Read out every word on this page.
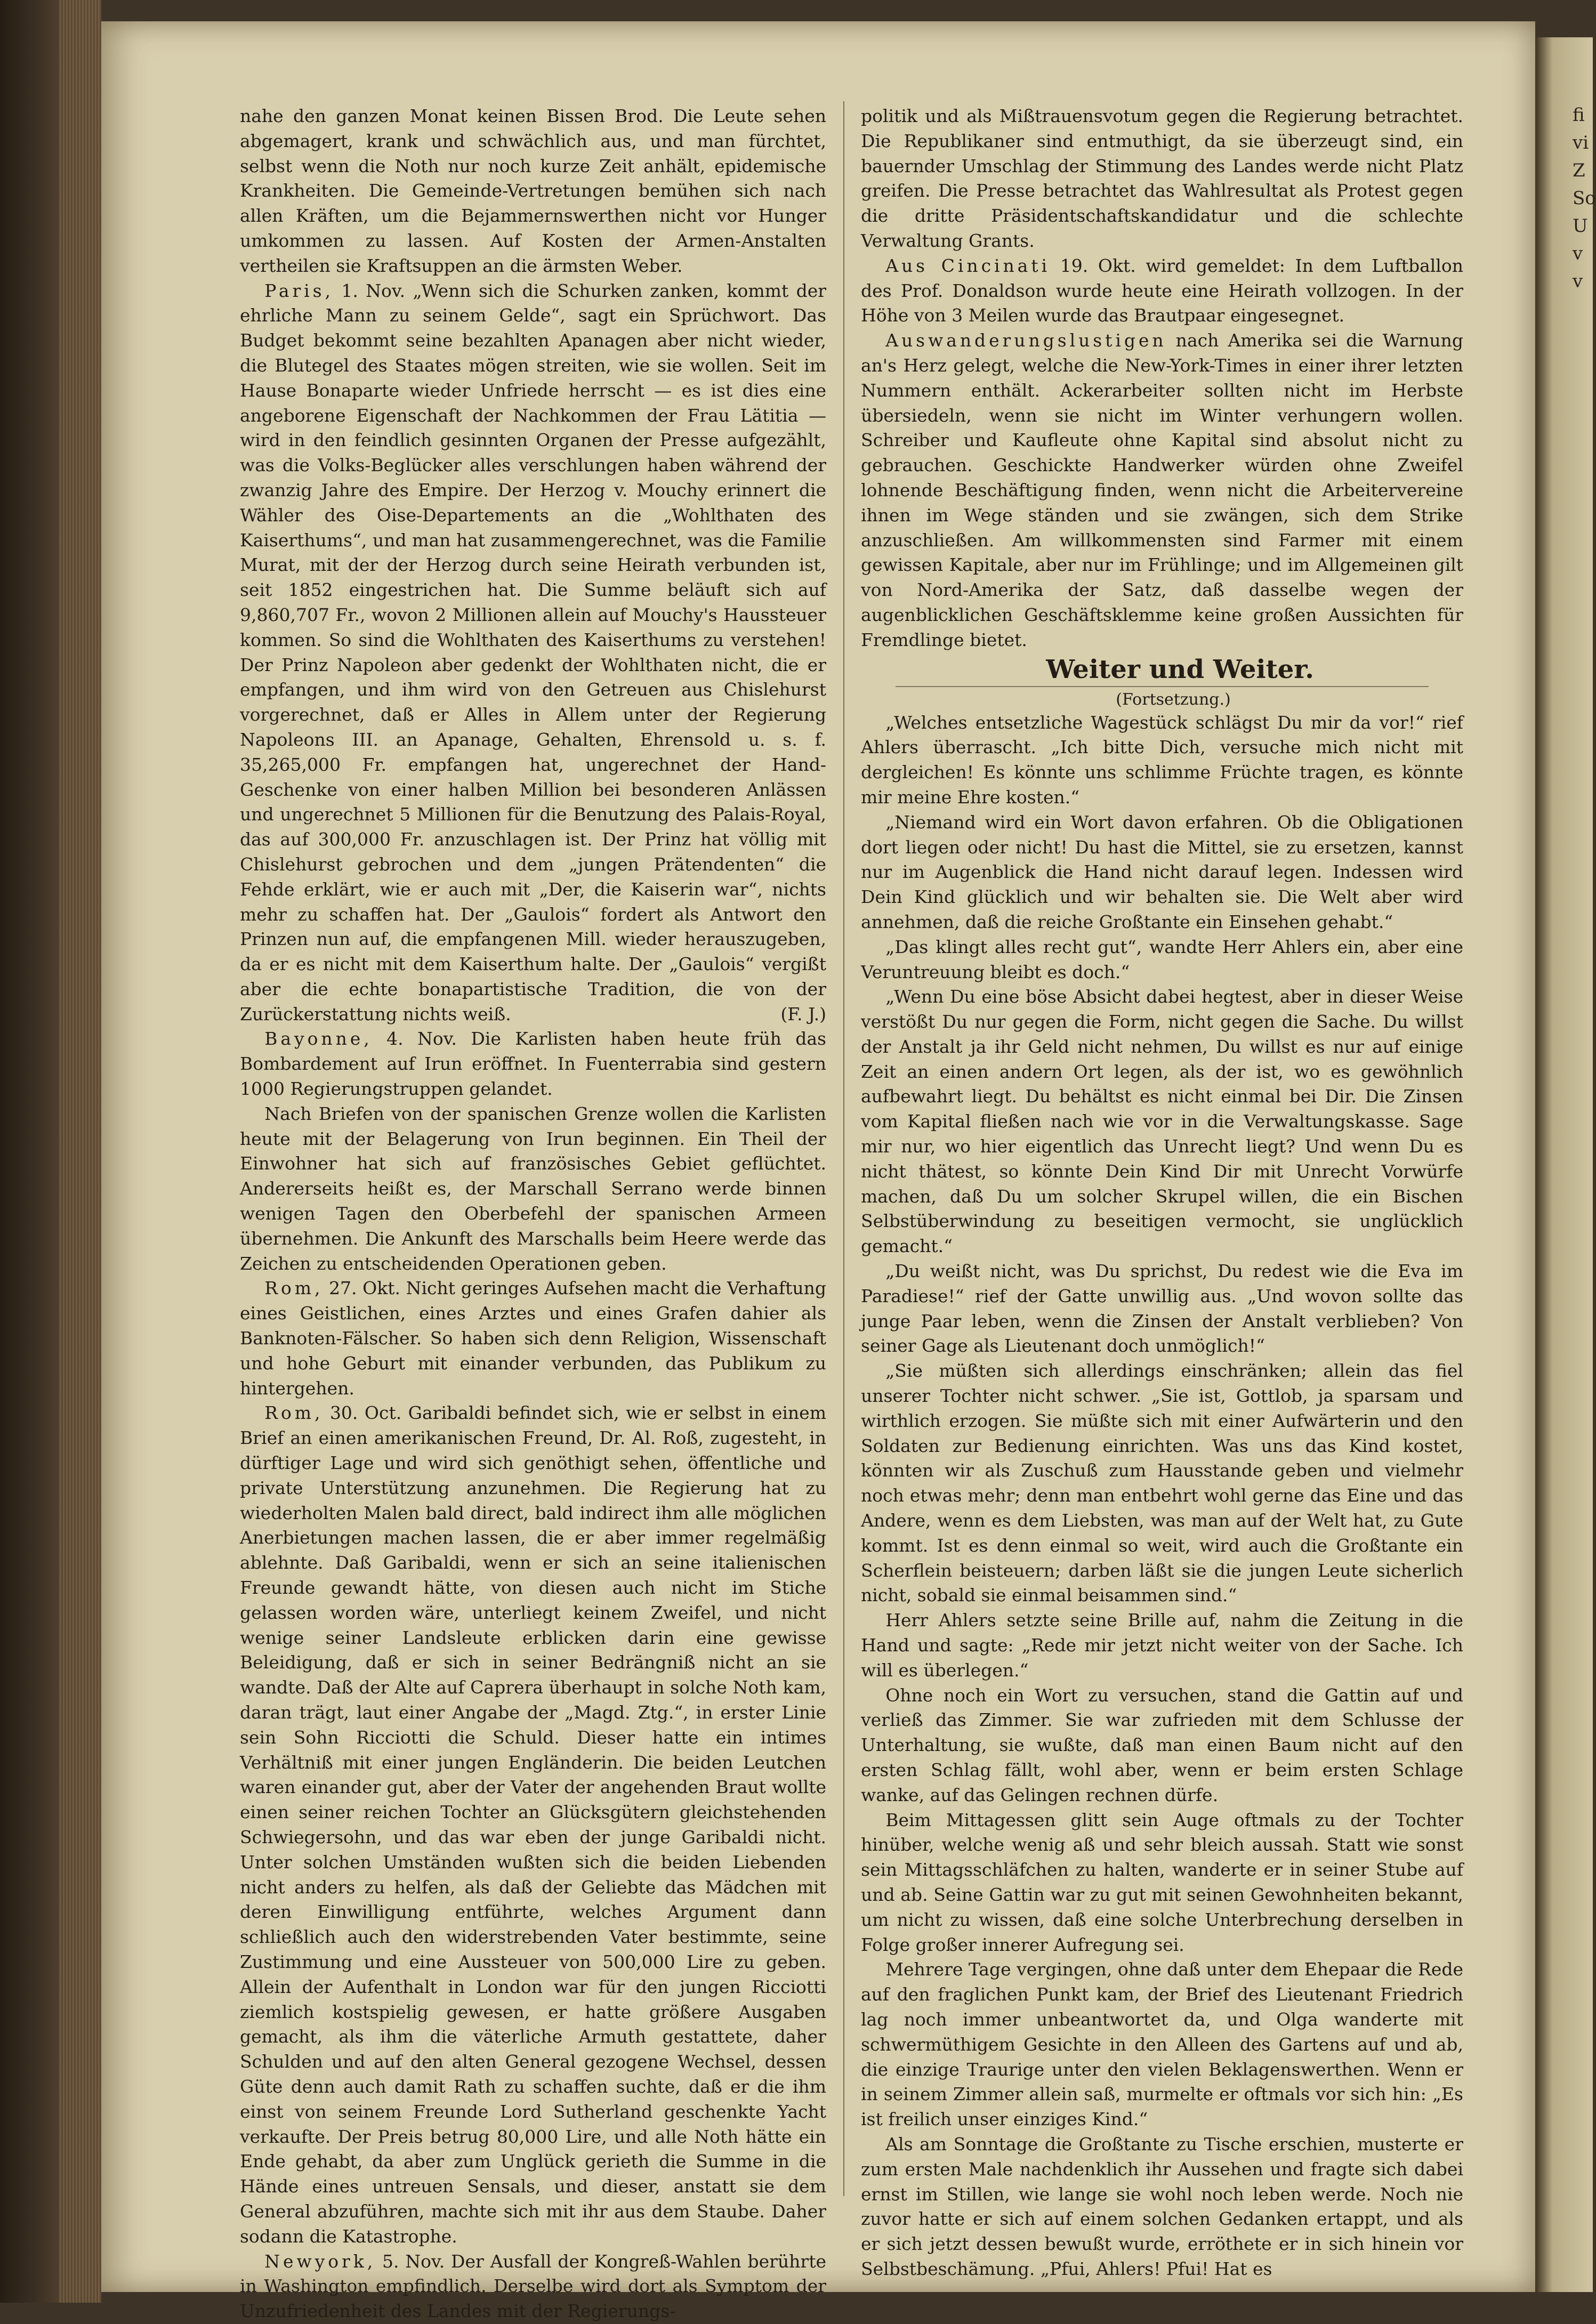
fi
vi
Z
So
U
v
v

nahe den ganzen Monat keinen Bissen Brod. Die Leute sehen abgemagert, krank und schwächlich aus, und man fürchtet, selbst wenn die Noth nur noch kurze Zeit anhält, epidemische Krankheiten. Die Gemeinde-Vertretungen bemühen sich nach allen Kräften, um die Bejammernswerthen nicht vor Hunger umkommen zu lassen. Auf Kosten der Armen-Anstalten vertheilen sie Kraftsuppen an die ärmsten Weber.

Paris, 1. Nov. „Wenn sich die Schurken zanken, kommt der ehrliche Mann zu seinem Gelde“, sagt ein Sprüchwort. Das Budget bekommt seine bezahlten Apanagen aber nicht wieder, die Blutegel des Staates mögen streiten, wie sie wollen. Seit im Hause Bonaparte wieder Unfriede herrscht — es ist dies eine angeborene Eigenschaft der Nachkommen der Frau Lätitia — wird in den feindlich gesinnten Organen der Presse aufgezählt, was die Volks-Beglücker alles verschlungen haben während der zwanzig Jahre des Empire. Der Herzog v. Mouchy erinnert die Wähler des Oise-Departements an die „Wohlthaten des Kaiserthums“, und man hat zusammengerechnet, was die Familie Murat, mit der der Herzog durch seine Heirath verbunden ist, seit 1852 eingestrichen hat. Die Summe beläuft sich auf 9,860,707 Fr., wovon 2 Millionen allein auf Mouchy's Haussteuer kommen. So sind die Wohlthaten des Kaiserthums zu verstehen! Der Prinz Napoleon aber gedenkt der Wohlthaten nicht, die er empfangen, und ihm wird von den Getreuen aus Chislehurst vorgerechnet, daß er Alles in Allem unter der Regierung Napoleons III. an Apanage, Gehalten, Ehrensold u. s. f. 35,265,000 Fr. empfangen hat, ungerechnet der Hand-Geschenke von einer halben Million bei besonderen Anlässen und ungerechnet 5 Millionen für die Benutzung des Palais-Royal, das auf 300,000 Fr. anzuschlagen ist. Der Prinz hat völlig mit Chislehurst gebrochen und dem „jungen Prätendenten“ die Fehde erklärt, wie er auch mit „Der, die Kaiserin war“, nichts mehr zu schaffen hat. Der „Gaulois“ fordert als Antwort den Prinzen nun auf, die empfangenen Mill. wieder herauszugeben, da er es nicht mit dem Kaiserthum halte. Der „Gaulois“ vergißt aber die echte bonapartistische Tradition, die von der Zurückerstattung nichts weiß.	(F. J.)

Bayonne, 4. Nov. Die Karlisten haben heute früh das Bombardement auf Irun eröffnet. In Fuenterrabia sind gestern 1000 Regierungstruppen gelandet.

Nach Briefen von der spanischen Grenze wollen die Karlisten heute mit der Belagerung von Irun beginnen. Ein Theil der Einwohner hat sich auf französisches Gebiet geflüchtet. Andererseits heißt es, der Marschall Serrano werde binnen wenigen Tagen den Oberbefehl der spanischen Armeen übernehmen. Die Ankunft des Marschalls beim Heere werde das Zeichen zu entscheidenden Operationen geben.

Rom, 27. Okt. Nicht geringes Aufsehen macht die Verhaftung eines Geistlichen, eines Arztes und eines Grafen dahier als Banknoten-Fälscher. So haben sich denn Religion, Wissenschaft und hohe Geburt mit einander verbunden, das Publikum zu hintergehen.

Rom, 30. Oct. Garibaldi befindet sich, wie er selbst in einem Brief an einen amerikanischen Freund, Dr. Al. Roß, zugesteht, in dürftiger Lage und wird sich genöthigt sehen, öffentliche und private Unterstützung anzunehmen. Die Regierung hat zu wiederholten Malen bald direct, bald indirect ihm alle möglichen Anerbietungen machen lassen, die er aber immer regelmäßig ablehnte. Daß Garibaldi, wenn er sich an seine italienischen Freunde gewandt hätte, von diesen auch nicht im Stiche gelassen worden wäre, unterliegt keinem Zweifel, und nicht wenige seiner Landsleute erblicken darin eine gewisse Beleidigung, daß er sich in seiner Bedrängniß nicht an sie wandte. Daß der Alte auf Caprera überhaupt in solche Noth kam, daran trägt, laut einer Angabe der „Magd. Ztg.“, in erster Linie sein Sohn Ricciotti die Schuld. Dieser hatte ein intimes Verhältniß mit einer jungen Engländerin. Die beiden Leutchen waren einander gut, aber der Vater der angehenden Braut wollte einen seiner reichen Tochter an Glücksgütern gleichstehenden Schwiegersohn, und das war eben der junge Garibaldi nicht. Unter solchen Umständen wußten sich die beiden Liebenden nicht anders zu helfen, als daß der Geliebte das Mädchen mit deren Einwilligung entführte, welches Argument dann schließlich auch den widerstrebenden Vater bestimmte, seine Zustimmung und eine Aussteuer von 500,000 Lire zu geben. Allein der Aufenthalt in London war für den jungen Ricciotti ziemlich kostspielig gewesen, er hatte größere Ausgaben gemacht, als ihm die väterliche Armuth gestattete, daher Schulden und auf den alten General gezogene Wechsel, dessen Güte denn auch damit Rath zu schaffen suchte, daß er die ihm einst von seinem Freunde Lord Sutherland geschenkte Yacht verkaufte. Der Preis betrug 80,000 Lire, und alle Noth hätte ein Ende gehabt, da aber zum Unglück gerieth die Summe in die Hände eines untreuen Sensals, und dieser, anstatt sie dem General abzuführen, machte sich mit ihr aus dem Staube. Daher sodann die Katastrophe.

Newyork, 5. Nov. Der Ausfall der Kongreß-Wahlen berührte in Washington empfindlich. Derselbe wird dort als Symptom der Unzufriedenheit des Landes mit der Regierungs-

politik und als Mißtrauensvotum gegen die Regierung betrachtet. Die Republikaner sind entmuthigt, da sie überzeugt sind, ein bauernder Umschlag der Stimmung des Landes werde nicht Platz greifen. Die Presse betrachtet das Wahlresultat als Protest gegen die dritte Präsidentschaftskandidatur und die schlechte Verwaltung Grants.

Aus Cincinati 19. Okt. wird gemeldet: In dem Luftballon des Prof. Donaldson wurde heute eine Heirath vollzogen. In der Höhe von 3 Meilen wurde das Brautpaar eingesegnet.

Auswanderungslustigen nach Amerika sei die Warnung an's Herz gelegt, welche die New-York-Times in einer ihrer letzten Nummern enthält. Ackerarbeiter sollten nicht im Herbste übersiedeln, wenn sie nicht im Winter verhungern wollen. Schreiber und Kaufleute ohne Kapital sind absolut nicht zu gebrauchen. Geschickte Handwerker würden ohne Zweifel lohnende Beschäftigung finden, wenn nicht die Arbeitervereine ihnen im Wege ständen und sie zwängen, sich dem Strike anzuschließen. Am willkommensten sind Farmer mit einem gewissen Kapitale, aber nur im Frühlinge; und im Allgemeinen gilt von Nord-Amerika der Satz, daß dasselbe wegen der augenblicklichen Geschäftsklemme keine großen Aussichten für Fremdlinge bietet.

Weiter und Weiter.

(Fortsetzung.)

„Welches entsetzliche Wagestück schlägst Du mir da vor!“ rief Ahlers überrascht. „Ich bitte Dich, versuche mich nicht mit dergleichen! Es könnte uns schlimme Früchte tragen, es könnte mir meine Ehre kosten.“

„Niemand wird ein Wort davon erfahren. Ob die Obligationen dort liegen oder nicht! Du hast die Mittel, sie zu ersetzen, kannst nur im Augenblick die Hand nicht darauf legen. Indessen wird Dein Kind glücklich und wir behalten sie. Die Welt aber wird annehmen, daß die reiche Großtante ein Einsehen gehabt.“

„Das klingt alles recht gut“, wandte Herr Ahlers ein, aber eine Veruntreuung bleibt es doch.“

„Wenn Du eine böse Absicht dabei hegtest, aber in dieser Weise verstößt Du nur gegen die Form, nicht gegen die Sache. Du willst der Anstalt ja ihr Geld nicht nehmen, Du willst es nur auf einige Zeit an einen andern Ort legen, als der ist, wo es gewöhnlich aufbewahrt liegt. Du behältst es nicht einmal bei Dir. Die Zinsen vom Kapital fließen nach wie vor in die Verwaltungskasse. Sage mir nur, wo hier eigentlich das Unrecht liegt? Und wenn Du es nicht thätest, so könnte Dein Kind Dir mit Unrecht Vorwürfe machen, daß Du um solcher Skrupel willen, die ein Bischen Selbstüberwindung zu beseitigen vermocht, sie unglücklich gemacht.“

„Du weißt nicht, was Du sprichst, Du redest wie die Eva im Paradiese!“ rief der Gatte unwillig aus. „Und wovon sollte das junge Paar leben, wenn die Zinsen der Anstalt verblieben? Von seiner Gage als Lieutenant doch unmöglich!“

„Sie müßten sich allerdings einschränken; allein das fiel unserer Tochter nicht schwer. „Sie ist, Gottlob, ja sparsam und wirthlich erzogen. Sie müßte sich mit einer Aufwärterin und den Soldaten zur Bedienung einrichten. Was uns das Kind kostet, könnten wir als Zuschuß zum Hausstande geben und vielmehr noch etwas mehr; denn man entbehrt wohl gerne das Eine und das Andere, wenn es dem Liebsten, was man auf der Welt hat, zu Gute kommt. Ist es denn einmal so weit, wird auch die Großtante ein Scherflein beisteuern; darben läßt sie die jungen Leute sicherlich nicht, sobald sie einmal beisammen sind.“

Herr Ahlers setzte seine Brille auf, nahm die Zeitung in die Hand und sagte: „Rede mir jetzt nicht weiter von der Sache. Ich will es überlegen.“

Ohne noch ein Wort zu versuchen, stand die Gattin auf und verließ das Zimmer. Sie war zufrieden mit dem Schlusse der Unterhaltung, sie wußte, daß man einen Baum nicht auf den ersten Schlag fällt, wohl aber, wenn er beim ersten Schlage wanke, auf das Gelingen rechnen dürfe.

Beim Mittagessen glitt sein Auge oftmals zu der Tochter hinüber, welche wenig aß und sehr bleich aussah. Statt wie sonst sein Mittagsschläfchen zu halten, wanderte er in seiner Stube auf und ab. Seine Gattin war zu gut mit seinen Gewohnheiten bekannt, um nicht zu wissen, daß eine solche Unterbrechung derselben in Folge großer innerer Aufregung sei.

Mehrere Tage vergingen, ohne daß unter dem Ehepaar die Rede auf den fraglichen Punkt kam, der Brief des Lieutenant Friedrich lag noch immer unbeantwortet da, und Olga wanderte mit schwermüthigem Gesichte in den Alleen des Gartens auf und ab, die einzige Traurige unter den vielen Beklagenswerthen. Wenn er in seinem Zimmer allein saß, murmelte er oftmals vor sich hin: „Es ist freilich unser einziges Kind.“

Als am Sonntage die Großtante zu Tische erschien, musterte er zum ersten Male nachdenklich ihr Aussehen und fragte sich dabei ernst im Stillen, wie lange sie wohl noch leben werde. Noch nie zuvor hatte er sich auf einem solchen Gedanken ertappt, und als er sich jetzt dessen bewußt wurde, erröthete er in sich hinein vor Selbstbeschämung. „Pfui, Ahlers! Pfui! Hat es
